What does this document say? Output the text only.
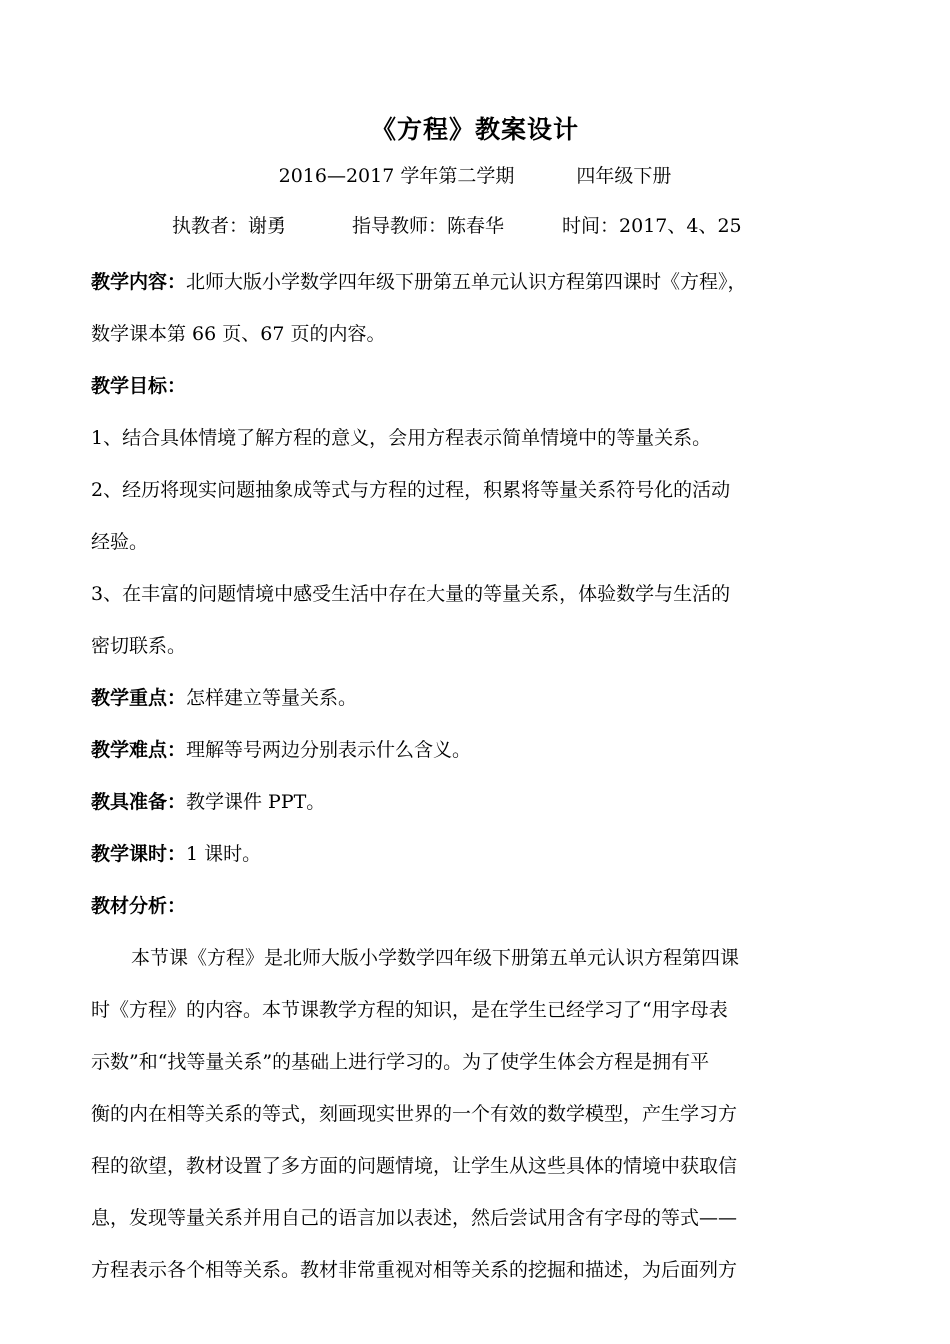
《方程》教案设计
2016—2017 学年第二学期	四年级下册
执教者：谢勇	指导教师：陈春华	时间：2017、4、25

教学内容：北师大版小学数学四年级下册第五单元认识方程第四课时《方程》，

数学课本第 66 页、67 页的内容。

教学目标：

1、结合具体情境了解方程的意义，会用方程表示简单情境中的等量关系。

2、经历将现实问题抽象成等式与方程的过程，积累将等量关系符号化的活动

经验。

3、在丰富的问题情境中感受生活中存在大量的等量关系，体验数学与生活的

密切联系。

教学重点：怎样建立等量关系。

教学难点：理解等号两边分别表示什么含义。

教具准备：教学课件 PPT。

教学课时：1 课时。

教材分析：

本节课《方程》是北师大版小学数学四年级下册第五单元认识方程第四课

时《方程》的内容。本节课教学方程的知识，是在学生已经学习了“用字母表

示数”和“找等量关系”的基础上进行学习的。为了使学生体会方程是拥有平

衡的内在相等关系的等式，刻画现实世界的一个有效的数学模型，产生学习方

程的欲望，教材设置了多方面的问题情境，让学生从这些具体的情境中获取信

息，发现等量关系并用自己的语言加以表述，然后尝试用含有字母的等式——

方程表示各个相等关系。教材非常重视对相等关系的挖掘和描述，为后面列方
